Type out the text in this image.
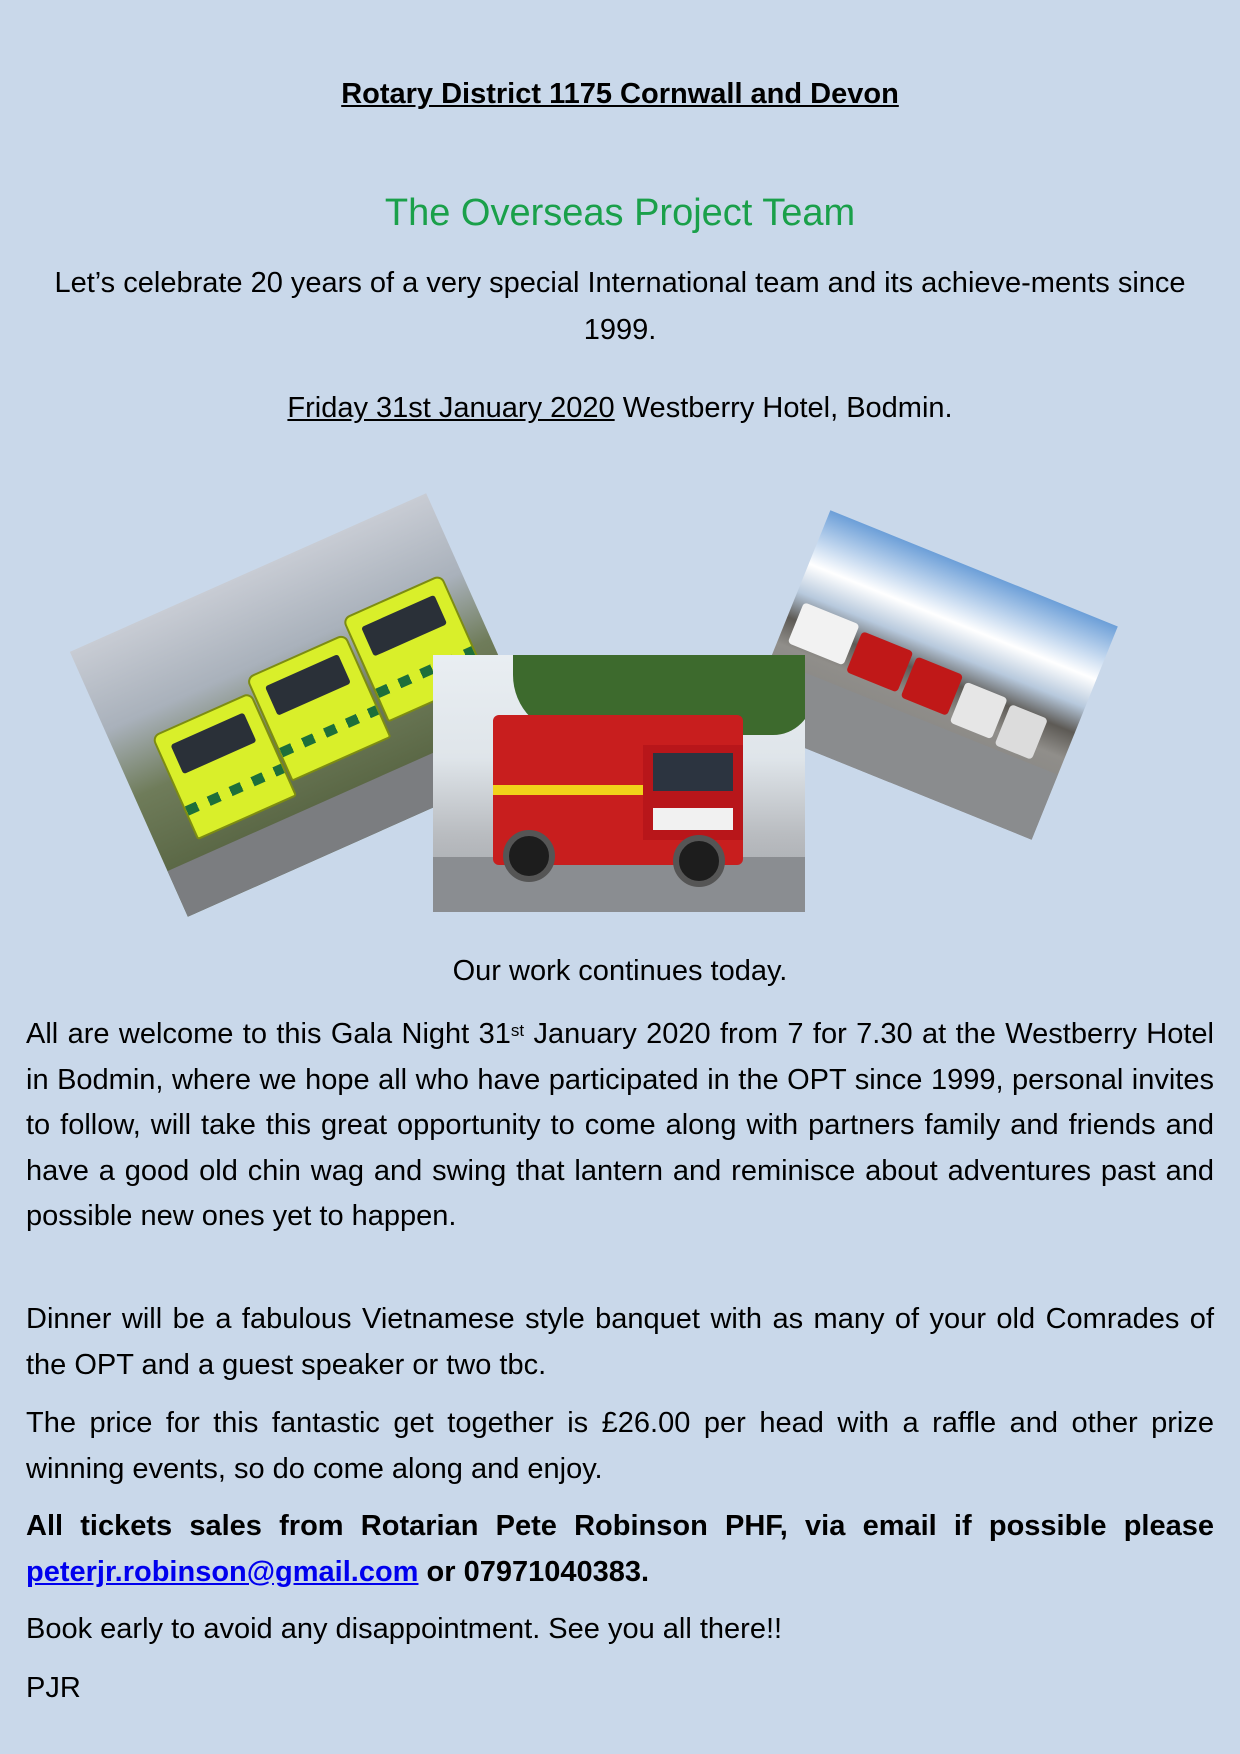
Rotary District 1175 Cornwall and Devon
The Overseas Project Team
Let’s celebrate 20 years of a very special International team and its achieve-ments since 1999.
Friday 31st January 2020 Westberry Hotel, Bodmin.
Our work continues today.

All are welcome to this Gala Night 31st January 2020 from 7 for 7.30 at the Westberry Hotel in Bodmin, where we hope all who have participated in the OPT since 1999, personal invites to follow, will take this great opportunity to come along with partners family and friends and have a good old chin wag and swing that lantern and reminisce about adventures past and possible new ones yet to happen.

Dinner will be a fabulous Vietnamese style banquet with as many of your old Comrades of the OPT and a guest speaker or two tbc.

The price for this fantastic get together is £26.00 per head with a raffle and other prize winning events, so do come along and enjoy.

All tickets sales from Rotarian Pete Robinson PHF, via email if possible please peterjr.robinson@gmail.com or 07971040383.

Book early to avoid any disappointment. See you all there!!

PJR
